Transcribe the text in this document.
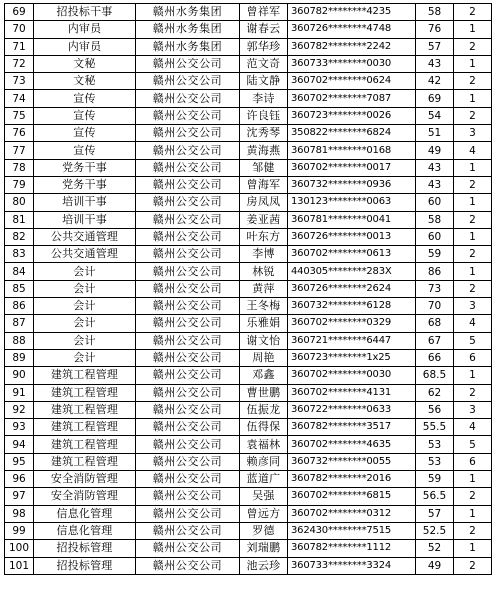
69	招投标干事	赣州水务集团	曾祥军	360782********4235	58	2
70	内审员	赣州水务集团	谢春云	360726********4748	76	1
71	内审员	赣州水务集团	郭华珍	360782********2242	57	2
72	文秘	赣州公交公司	范文奇	360733********0030	43	1
73	文秘	赣州公交公司	陆文静	360702********0624	42	2
74	宣传	赣州公交公司	李诗	360702********7087	69	1
75	宣传	赣州公交公司	许良钰	360723********0026	54	2
76	宣传	赣州公交公司	沈秀琴	350822********6824	51	3
77	宣传	赣州公交公司	黄海燕	360781********0168	49	4
78	党务干事	赣州公交公司	邹健	360702********0017	43	1
79	党务干事	赣州公交公司	曾海军	360732********0936	43	2
80	培训干事	赣州公交公司	房凤凤	130123********0063	60	1
81	培训干事	赣州公交公司	姜亚茜	360781********0041	58	2
82	公共交通管理	赣州公交公司	叶东方	360726********0013	60	1
83	公共交通管理	赣州公交公司	李博	360702********0613	59	2
84	会计	赣州公交公司	林锐	440305********283X	86	1
85	会计	赣州公交公司	黄萍	360726********2624	73	2
86	会计	赣州公交公司	王冬梅	360732********6128	70	3
87	会计	赣州公交公司	乐雅娟	360702********0329	68	4
88	会计	赣州公交公司	谢文怡	360721********6447	67	5
89	会计	赣州公交公司	周艳	360723********1x25	66	6
90	建筑工程管理	赣州公交公司	邓鑫	360702********0030	68.5	1
91	建筑工程管理	赣州公交公司	曹世鹏	360702********4131	62	2
92	建筑工程管理	赣州公交公司	伍振龙	360722********0633	56	3
93	建筑工程管理	赣州公交公司	伍得保	360782********3517	55.5	4
94	建筑工程管理	赣州公交公司	袁福林	360702********4635	53	5
95	建筑工程管理	赣州公交公司	赖彦同	360732********0055	53	6
96	安全消防管理	赣州公交公司	蓝道广	360782********2016	59	1
97	安全消防管理	赣州公交公司	吴强	360702********6815	56.5	2
98	信息化管理	赣州公交公司	曾远方	360702********0312	57	1
99	信息化管理	赣州公交公司	罗德	362430********7515	52.5	2
100	招投标管理	赣州公交公司	刘瑞鹏	360782********1112	52	1
101	招投标管理	赣州公交公司	池云珍	360733********3324	49	2
